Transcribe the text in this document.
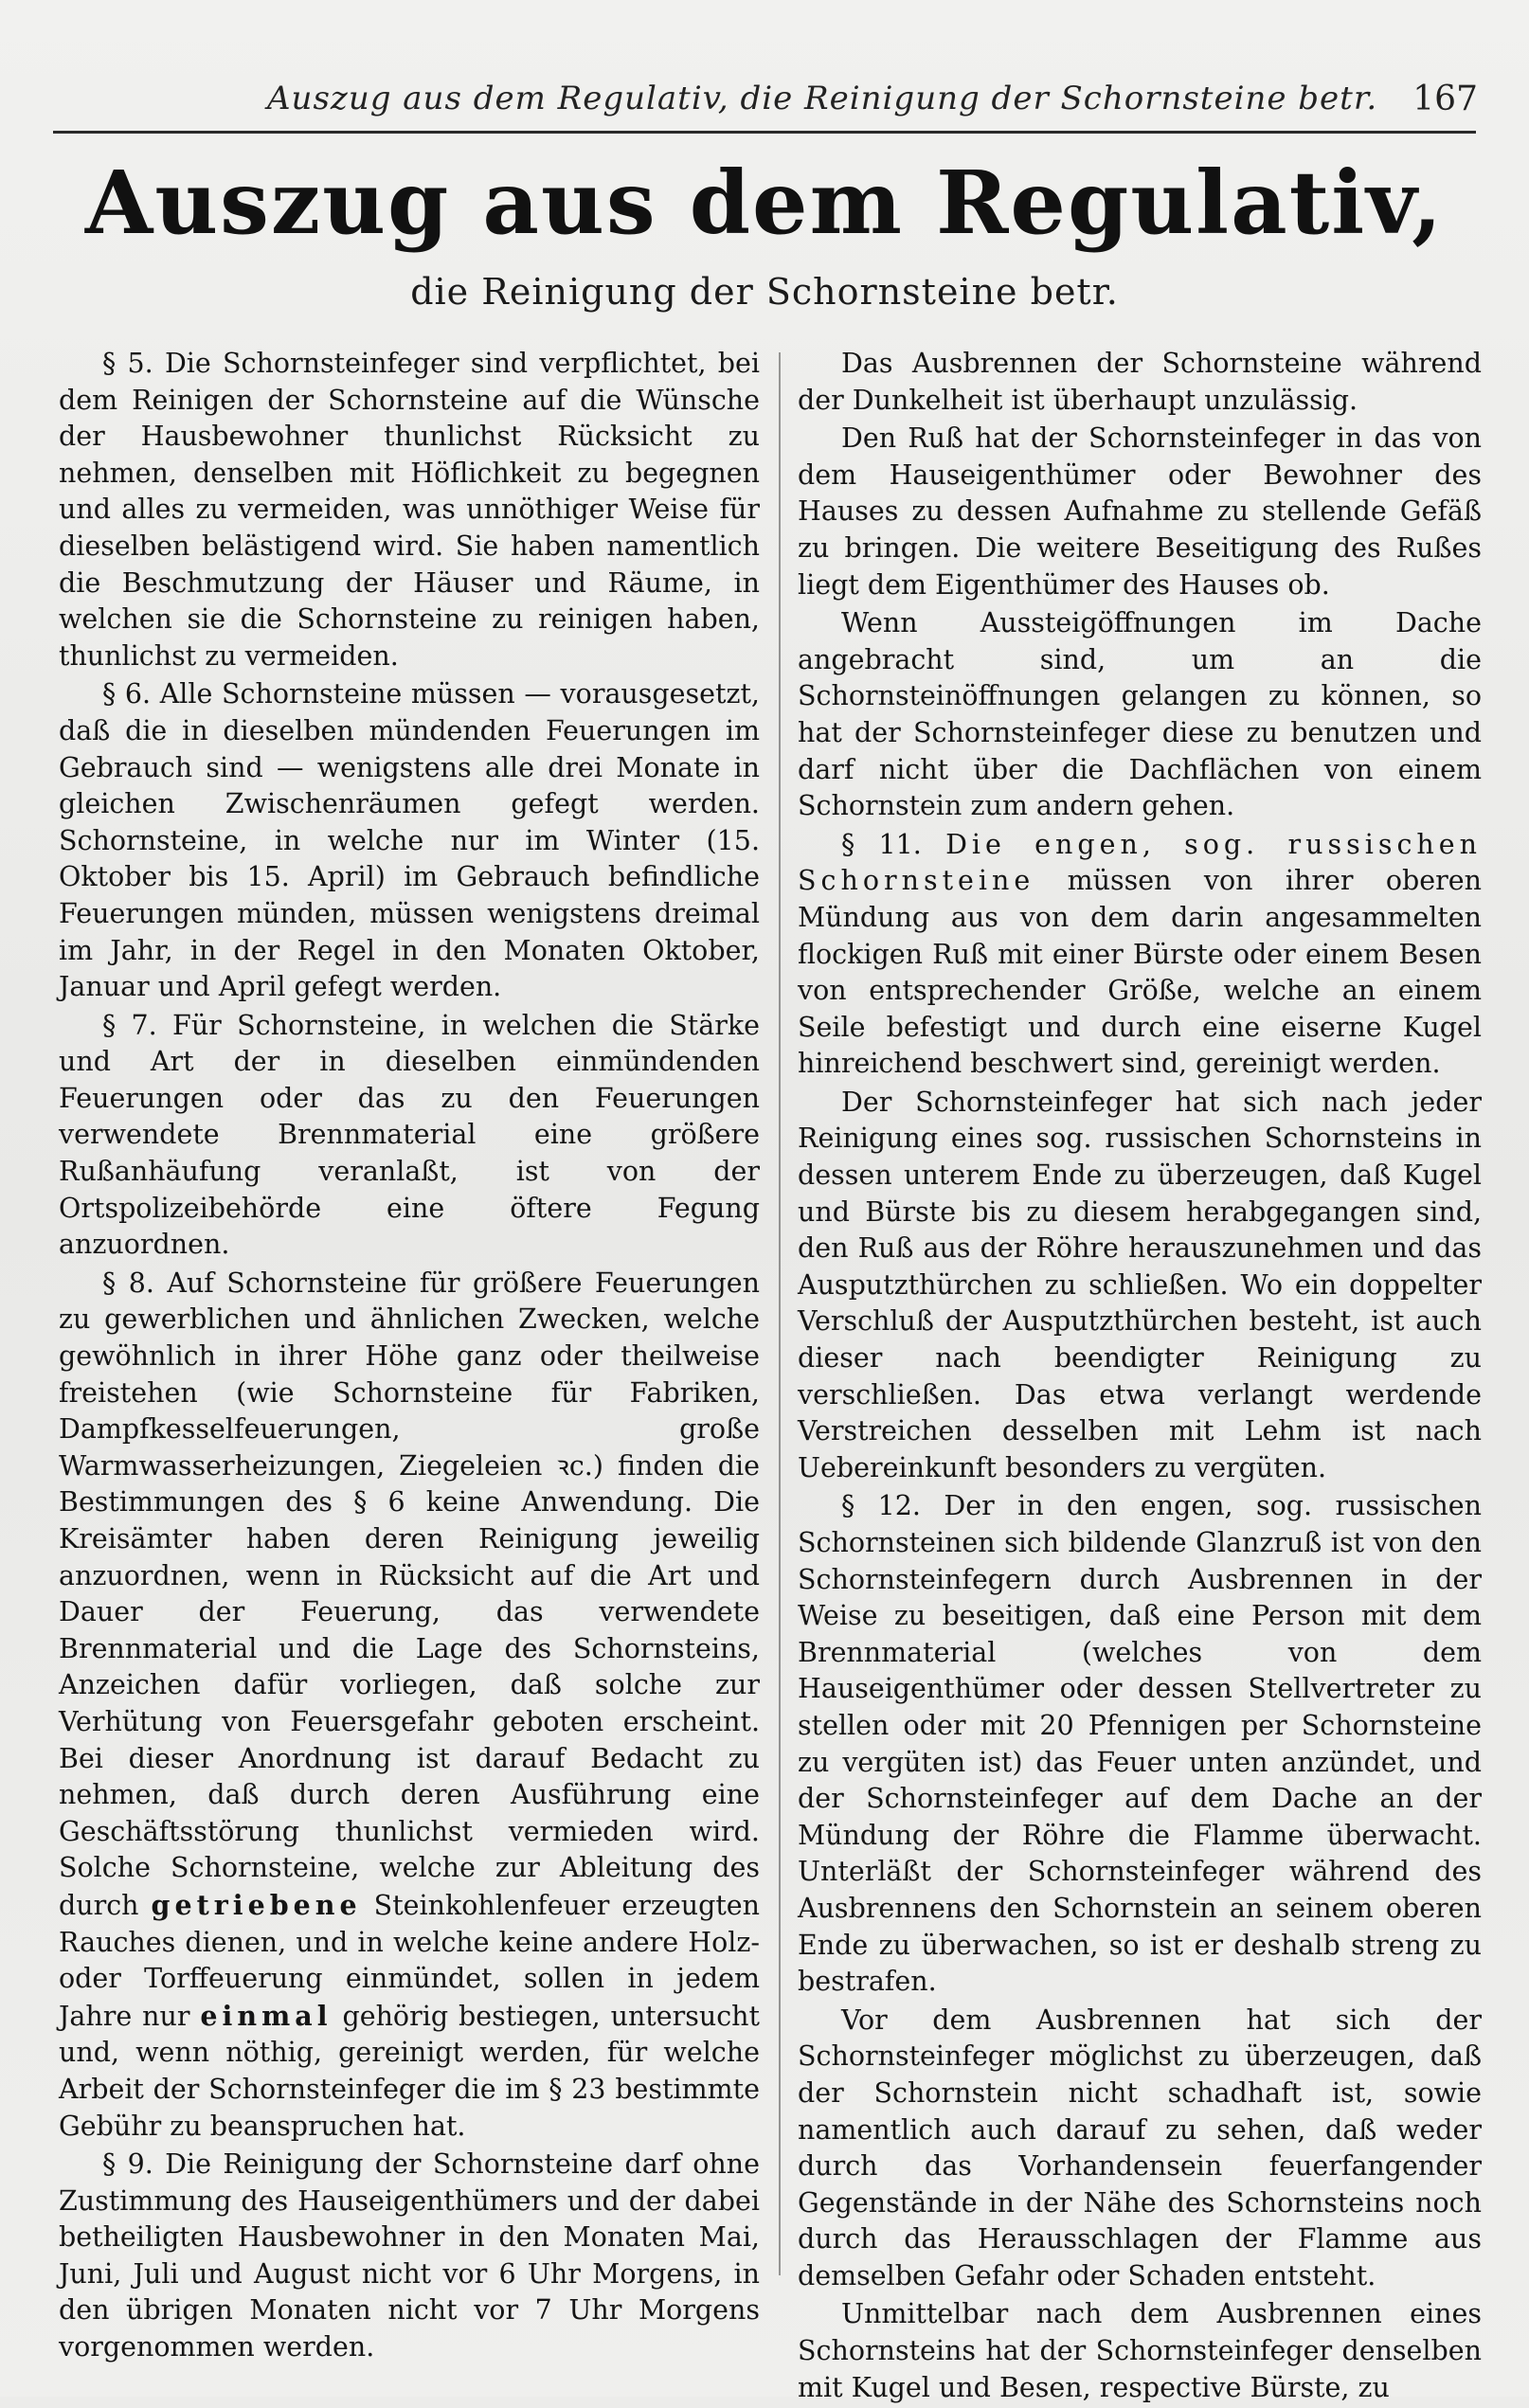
Auszug aus dem Regulativ, die Reinigung der Schornsteine betr. 167
Auszug aus dem Regulativ,
die Reinigung der Schornsteine betr.

§ 5. Die Schornsteinfeger sind verpflichtet, bei dem Reinigen der Schornsteine auf die Wünsche der Hausbewohner thunlichst Rücksicht zu nehmen, denselben mit Höflichkeit zu begegnen und alles zu vermeiden, was unnöthiger Weise für dieselben belästigend wird. Sie haben namentlich die Beschmutzung der Häuser und Räume, in welchen sie die Schornsteine zu reinigen haben, thunlichst zu vermeiden.

§ 6. Alle Schornsteine müssen — vorausgesetzt, daß die in dieselben mündenden Feuerungen im Gebrauch sind — wenigstens alle drei Monate in gleichen Zwischenräumen gefegt werden. Schornsteine, in welche nur im Winter (15. Oktober bis 15. April) im Gebrauch befindliche Feuerungen münden, müssen wenigstens dreimal im Jahr, in der Regel in den Monaten Oktober, Januar und April gefegt werden.

§ 7. Für Schornsteine, in welchen die Stärke und Art der in dieselben einmündenden Feuerungen oder das zu den Feuerungen verwendete Brennmaterial eine größere Rußanhäufung veranlaßt, ist von der Ortspolizeibehörde eine öftere Fegung anzuordnen.

§ 8. Auf Schornsteine für größere Feuerungen zu gewerblichen und ähnlichen Zwecken, welche gewöhnlich in ihrer Höhe ganz oder theilweise freistehen (wie Schornsteine für Fabriken, Dampfkesselfeuerungen, große Warmwasserheizungen, Ziegeleien ꝛc.) finden die Bestimmungen des § 6 keine Anwendung. Die Kreisämter haben deren Reinigung jeweilig anzuordnen, wenn in Rücksicht auf die Art und Dauer der Feuerung, das verwendete Brennmaterial und die Lage des Schornsteins, Anzeichen dafür vorliegen, daß solche zur Verhütung von Feuersgefahr geboten erscheint. Bei dieser Anordnung ist darauf Bedacht zu nehmen, daß durch deren Ausführung eine Geschäftsstörung thunlichst vermieden wird. Solche Schornsteine, welche zur Ableitung des durch getriebene Steinkohlenfeuer erzeugten Rauches dienen, und in welche keine andere Holz- oder Torffeuerung einmündet, sollen in jedem Jahre nur einmal gehörig bestiegen, untersucht und, wenn nöthig, gereinigt werden, für welche Arbeit der Schornsteinfeger die im § 23 bestimmte Gebühr zu beanspruchen hat.

§ 9. Die Reinigung der Schornsteine darf ohne Zustimmung des Hauseigenthümers und der dabei betheiligten Hausbewohner in den Monaten Mai, Juni, Juli und August nicht vor 6 Uhr Morgens, in den übrigen Monaten nicht vor 7 Uhr Morgens vorgenommen werden.

Das Ausbrennen der Schornsteine während der Dunkelheit ist überhaupt unzulässig.

Den Ruß hat der Schornsteinfeger in das von dem Hauseigenthümer oder Bewohner des Hauses zu dessen Aufnahme zu stellende Gefäß zu bringen. Die weitere Beseitigung des Rußes liegt dem Eigenthümer des Hauses ob.

Wenn Aussteigöffnungen im Dache angebracht sind, um an die Schornsteinöffnungen gelangen zu können, so hat der Schornsteinfeger diese zu benutzen und darf nicht über die Dachflächen von einem Schornstein zum andern gehen.

§ 11. Die engen, sog. russischen Schornsteine müssen von ihrer oberen Mündung aus von dem darin angesammelten flockigen Ruß mit einer Bürste oder einem Besen von entsprechender Größe, welche an einem Seile befestigt und durch eine eiserne Kugel hinreichend beschwert sind, gereinigt werden.

Der Schornsteinfeger hat sich nach jeder Reinigung eines sog. russischen Schornsteins in dessen unterem Ende zu überzeugen, daß Kugel und Bürste bis zu diesem herabgegangen sind, den Ruß aus der Röhre herauszunehmen und das Ausputzthürchen zu schließen. Wo ein doppelter Verschluß der Ausputzthürchen besteht, ist auch dieser nach beendigter Reinigung zu verschließen. Das etwa verlangt werdende Verstreichen desselben mit Lehm ist nach Uebereinkunft besonders zu vergüten.

§ 12. Der in den engen, sog. russischen Schornsteinen sich bildende Glanzruß ist von den Schornsteinfegern durch Ausbrennen in der Weise zu beseitigen, daß eine Person mit dem Brennmaterial (welches von dem Hauseigenthümer oder dessen Stellvertreter zu stellen oder mit 20 Pfennigen per Schornsteine zu vergüten ist) das Feuer unten anzündet, und der Schornsteinfeger auf dem Dache an der Mündung der Röhre die Flamme überwacht. Unterläßt der Schornsteinfeger während des Ausbrennens den Schornstein an seinem oberen Ende zu überwachen, so ist er deshalb streng zu bestrafen.

Vor dem Ausbrennen hat sich der Schornsteinfeger möglichst zu überzeugen, daß der Schornstein nicht schadhaft ist, sowie namentlich auch darauf zu sehen, daß weder durch das Vorhandensein feuerfangender Gegenstände in der Nähe des Schornsteins noch durch das Herausschlagen der Flamme aus demselben Gefahr oder Schaden entsteht.

Unmittelbar nach dem Ausbrennen eines Schornsteins hat der Schornsteinfeger denselben mit Kugel und Besen, respective Bürste, zu
